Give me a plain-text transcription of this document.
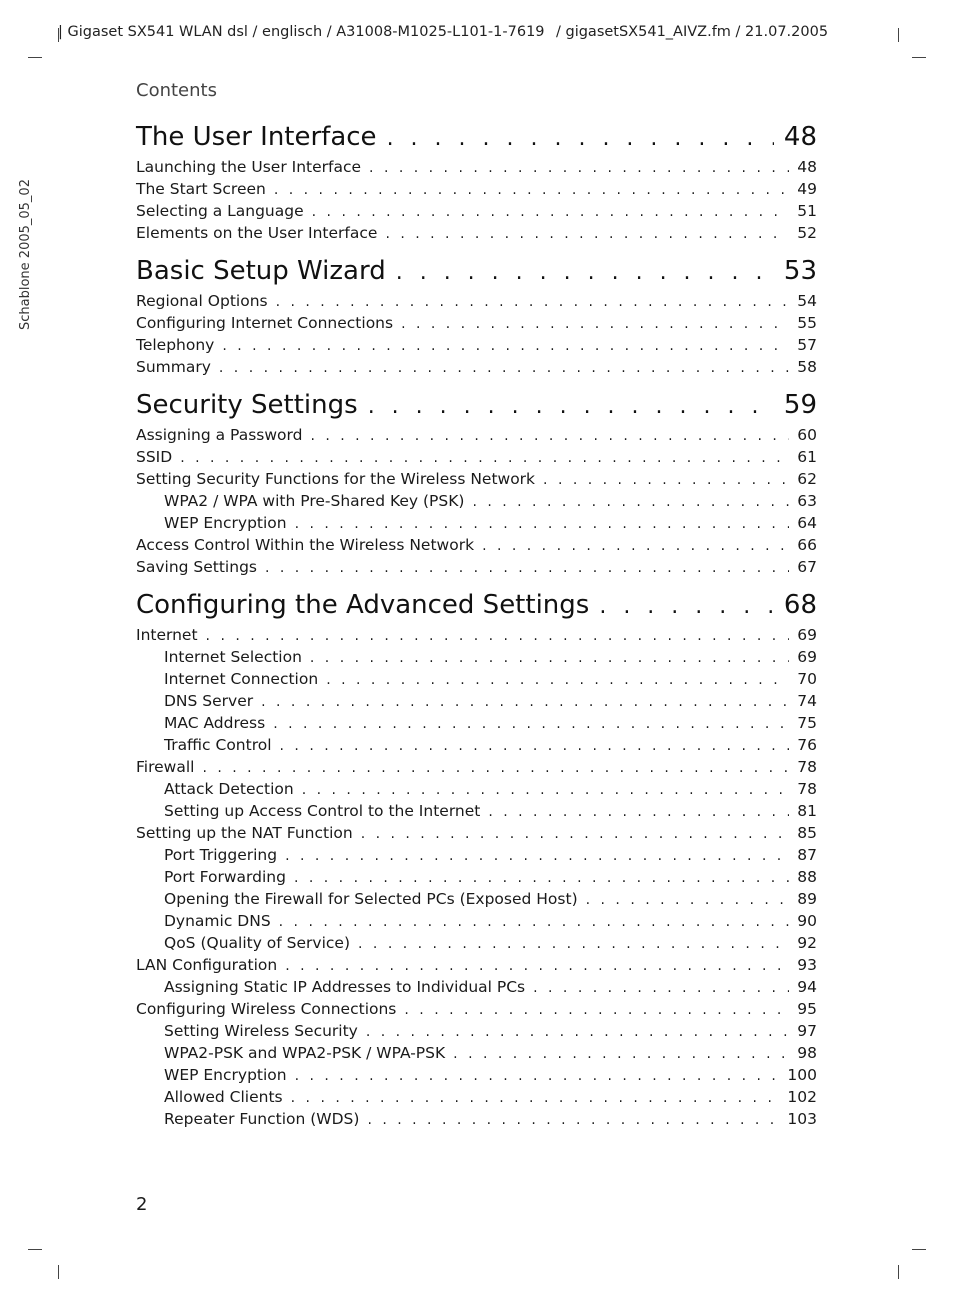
| Gigaset SX541 WLAN dsl / englisch / A31008-M1025-L101-1-7619 / gigasetSX541_AIVZ.fm / 21.07.2005
Schablone 2005_05_02
Contents
The User Interface . . .	48
Launching the User Interface . . .	48
The Start Screen . . .	49
Selecting a Language . . .	51
Elements on the User Interface . . .	52
Basic Setup Wizard . . .	53
Regional Options . . .	54
Configuring Internet Connections . . .	55
Telephony . . .	57
Summary . . .	58
Security Settings . . .	59
Assigning a Password . . .	60
SSID . . .	61
Setting Security Functions for the Wireless Network . . .	62
WPA2 / WPA with Pre-Shared Key (PSK) . . .	63
WEP Encryption . . .	64
Access Control Within the Wireless Network . . .	66
Saving Settings . . .	67
Configuring the Advanced Settings . . .	68
Internet . . .	69
Internet Selection . . .	69
Internet Connection . . .	70
DNS Server . . .	74
MAC Address . . .	75
Traffic Control . . .	76
Firewall . . .	78
Attack Detection . . .	78
Setting up Access Control to the Internet . . .	81
Setting up the NAT Function . . .	85
Port Triggering . . .	87
Port Forwarding . . .	88
Opening the Firewall for Selected PCs (Exposed Host) . . .	89
Dynamic DNS . . .	90
QoS (Quality of Service) . . .	92
LAN Configuration . . .	93
Assigning Static IP Addresses to Individual PCs . . .	94
Configuring Wireless Connections . . .	95
Setting Wireless Security . . .	97
WPA2-PSK and WPA2-PSK / WPA-PSK . . .	98
WEP Encryption . . .	100
Allowed Clients . . .	102
Repeater Function (WDS) . . .	103
2
